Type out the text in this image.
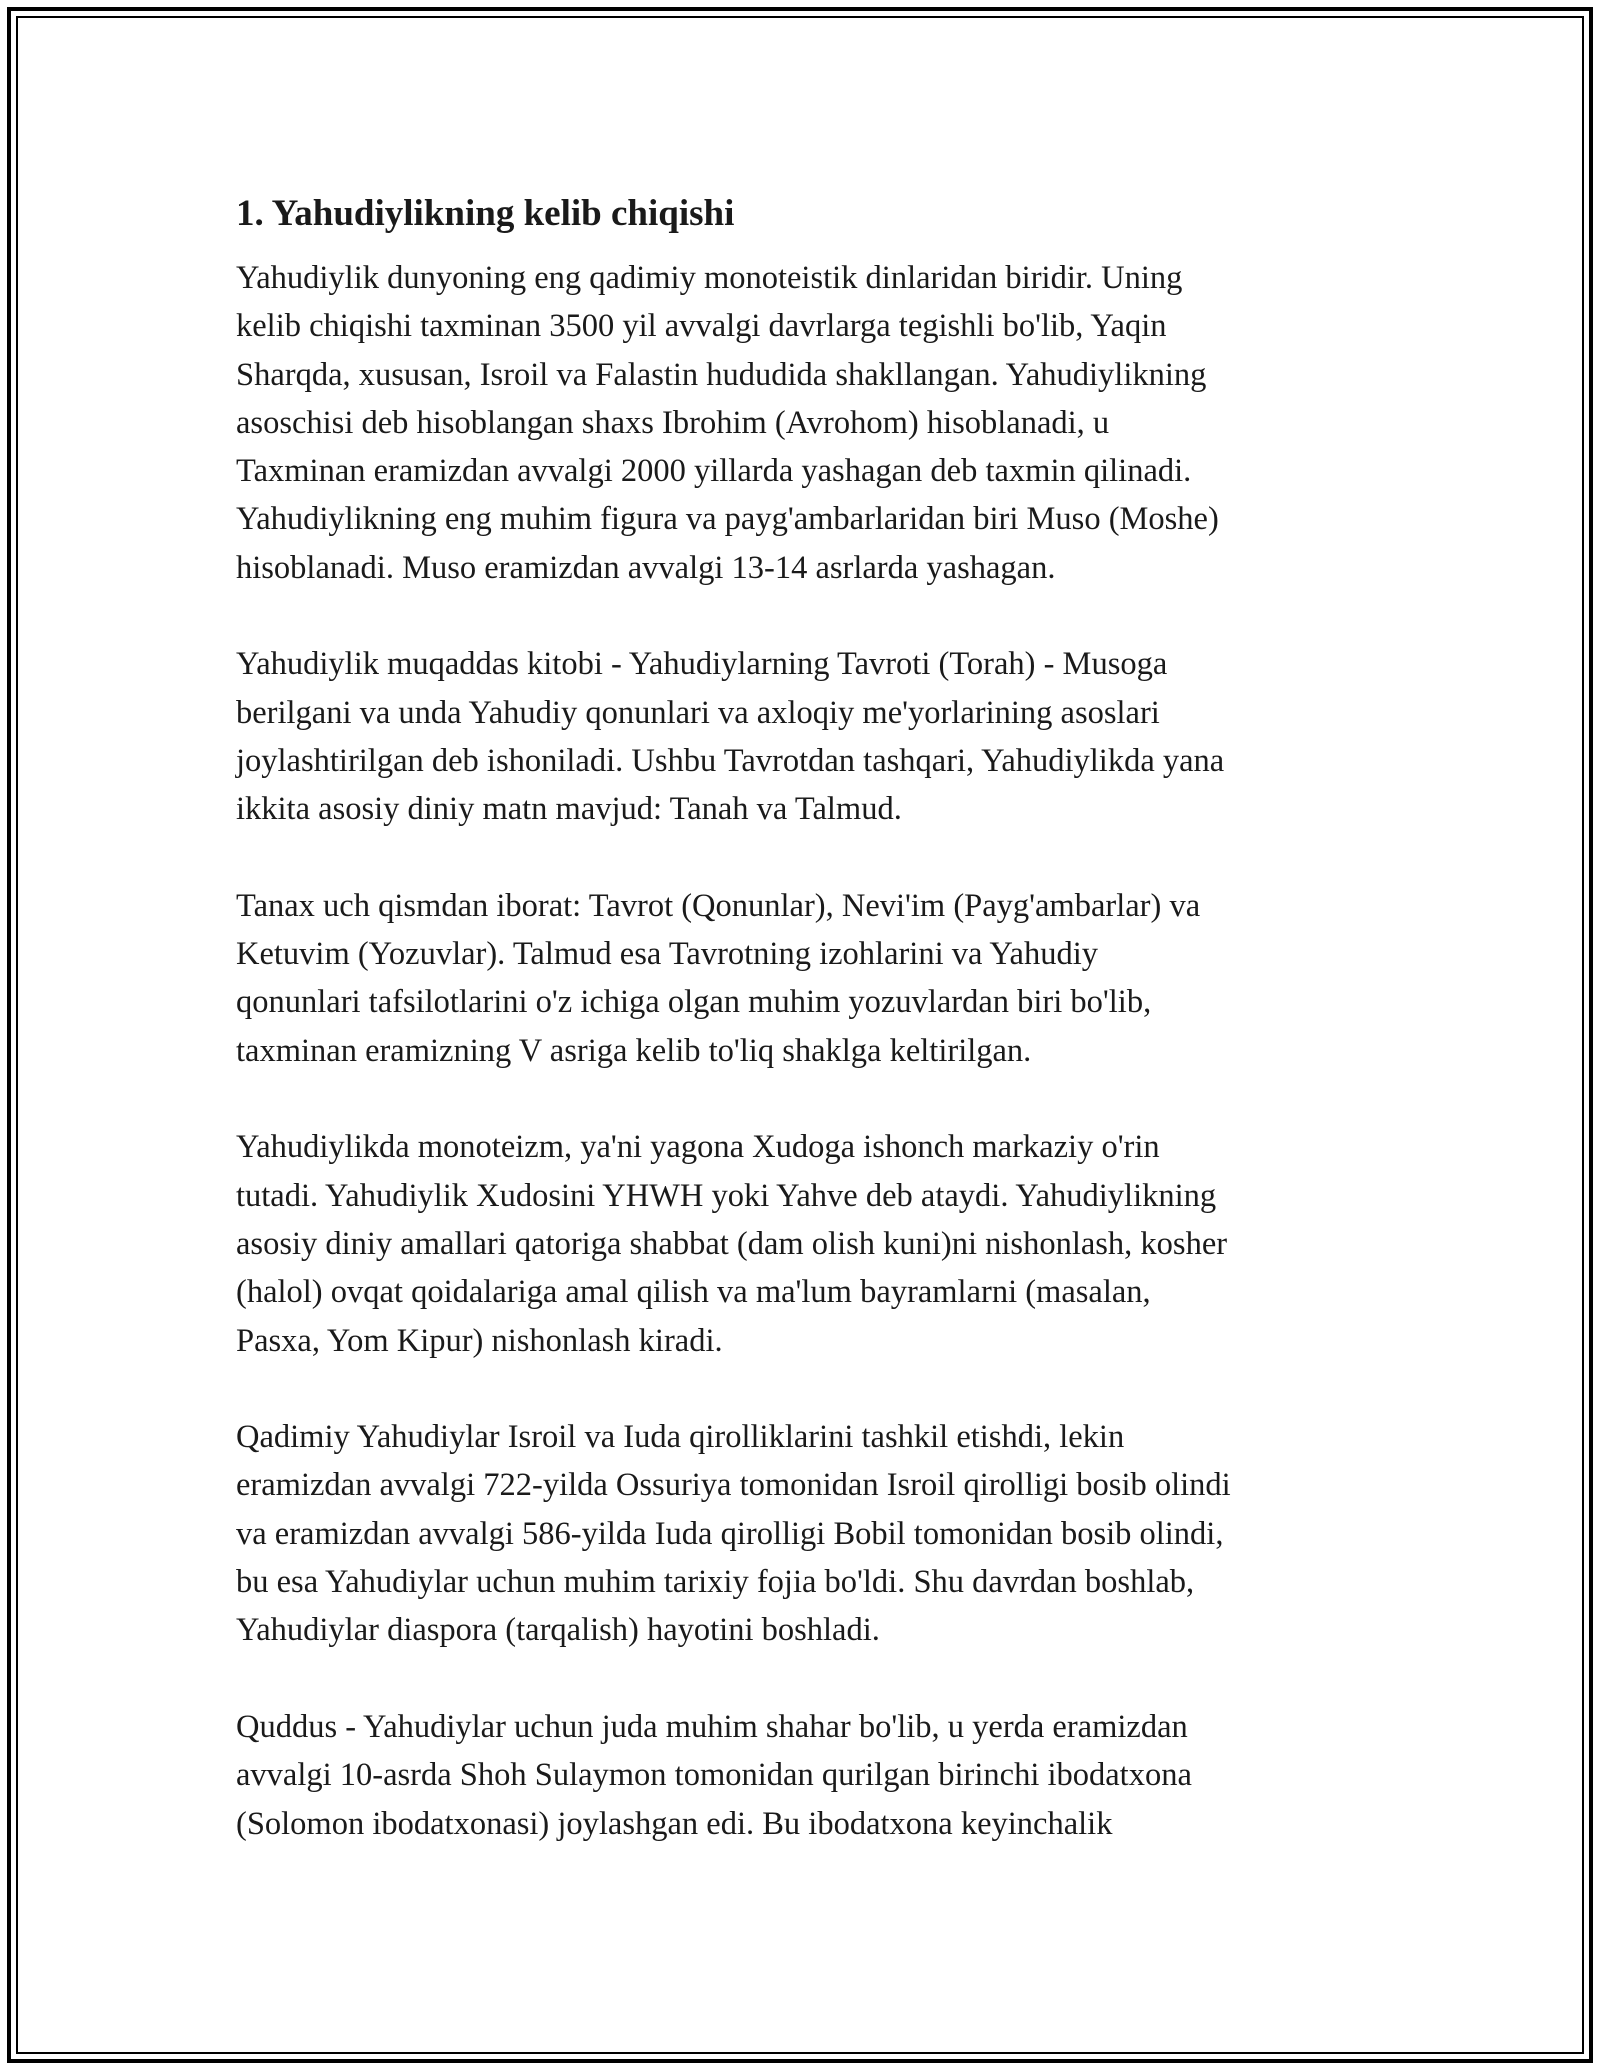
1. Yahudiylikning kelib chiqishi

Yahudiylik dunyoning eng qadimiy monoteistik dinlaridan biridir. Uning
kelib chiqishi taxminan 3500 yil avvalgi davrlarga tegishli bo'lib, Yaqin
Sharqda, xususan, Isroil va Falastin hududida shakllangan. Yahudiylikning
asoschisi deb hisoblangan shaxs Ibrohim (Avrohom) hisoblanadi, u
Taxminan eramizdan avvalgi 2000 yillarda yashagan deb taxmin qilinadi.
Yahudiylikning eng muhim figura va payg'ambarlaridan biri Muso (Moshe)
hisoblanadi. Muso eramizdan avvalgi 13-14 asrlarda yashagan.

Yahudiylik muqaddas kitobi - Yahudiylarning Tavroti (Torah) - Musoga
berilgani va unda Yahudiy qonunlari va axloqiy me'yorlarining asoslari
joylashtirilgan deb ishoniladi. Ushbu Tavrotdan tashqari, Yahudiylikda yana
ikkita asosiy diniy matn mavjud: Tanah va Talmud.

Tanax uch qismdan iborat: Tavrot (Qonunlar), Nevi'im (Payg'ambarlar) va
Ketuvim (Yozuvlar). Talmud esa Tavrotning izohlarini va Yahudiy
qonunlari tafsilotlarini o'z ichiga olgan muhim yozuvlardan biri bo'lib,
taxminan eramizning V asriga kelib to'liq shaklga keltirilgan.

Yahudiylikda monoteizm, ya'ni yagona Xudoga ishonch markaziy o'rin
tutadi. Yahudiylik Xudosini YHWH yoki Yahve deb ataydi. Yahudiylikning
asosiy diniy amallari qatoriga shabbat (dam olish kuni)ni nishonlash, kosher
(halol) ovqat qoidalariga amal qilish va ma'lum bayramlarni (masalan,
Pasxa, Yom Kipur) nishonlash kiradi.

Qadimiy Yahudiylar Isroil va Iuda qirolliklarini tashkil etishdi, lekin
eramizdan avvalgi 722-yilda Ossuriya tomonidan Isroil qirolligi bosib olindi
va eramizdan avvalgi 586-yilda Iuda qirolligi Bobil tomonidan bosib olindi,
bu esa Yahudiylar uchun muhim tarixiy fojia bo'ldi. Shu davrdan boshlab,
Yahudiylar diaspora (tarqalish) hayotini boshladi.

Quddus - Yahudiylar uchun juda muhim shahar bo'lib, u yerda eramizdan
avvalgi 10-asrda Shoh Sulaymon tomonidan qurilgan birinchi ibodatxona
(Solomon ibodatxonasi) joylashgan edi. Bu ibodatxona keyinchalik
